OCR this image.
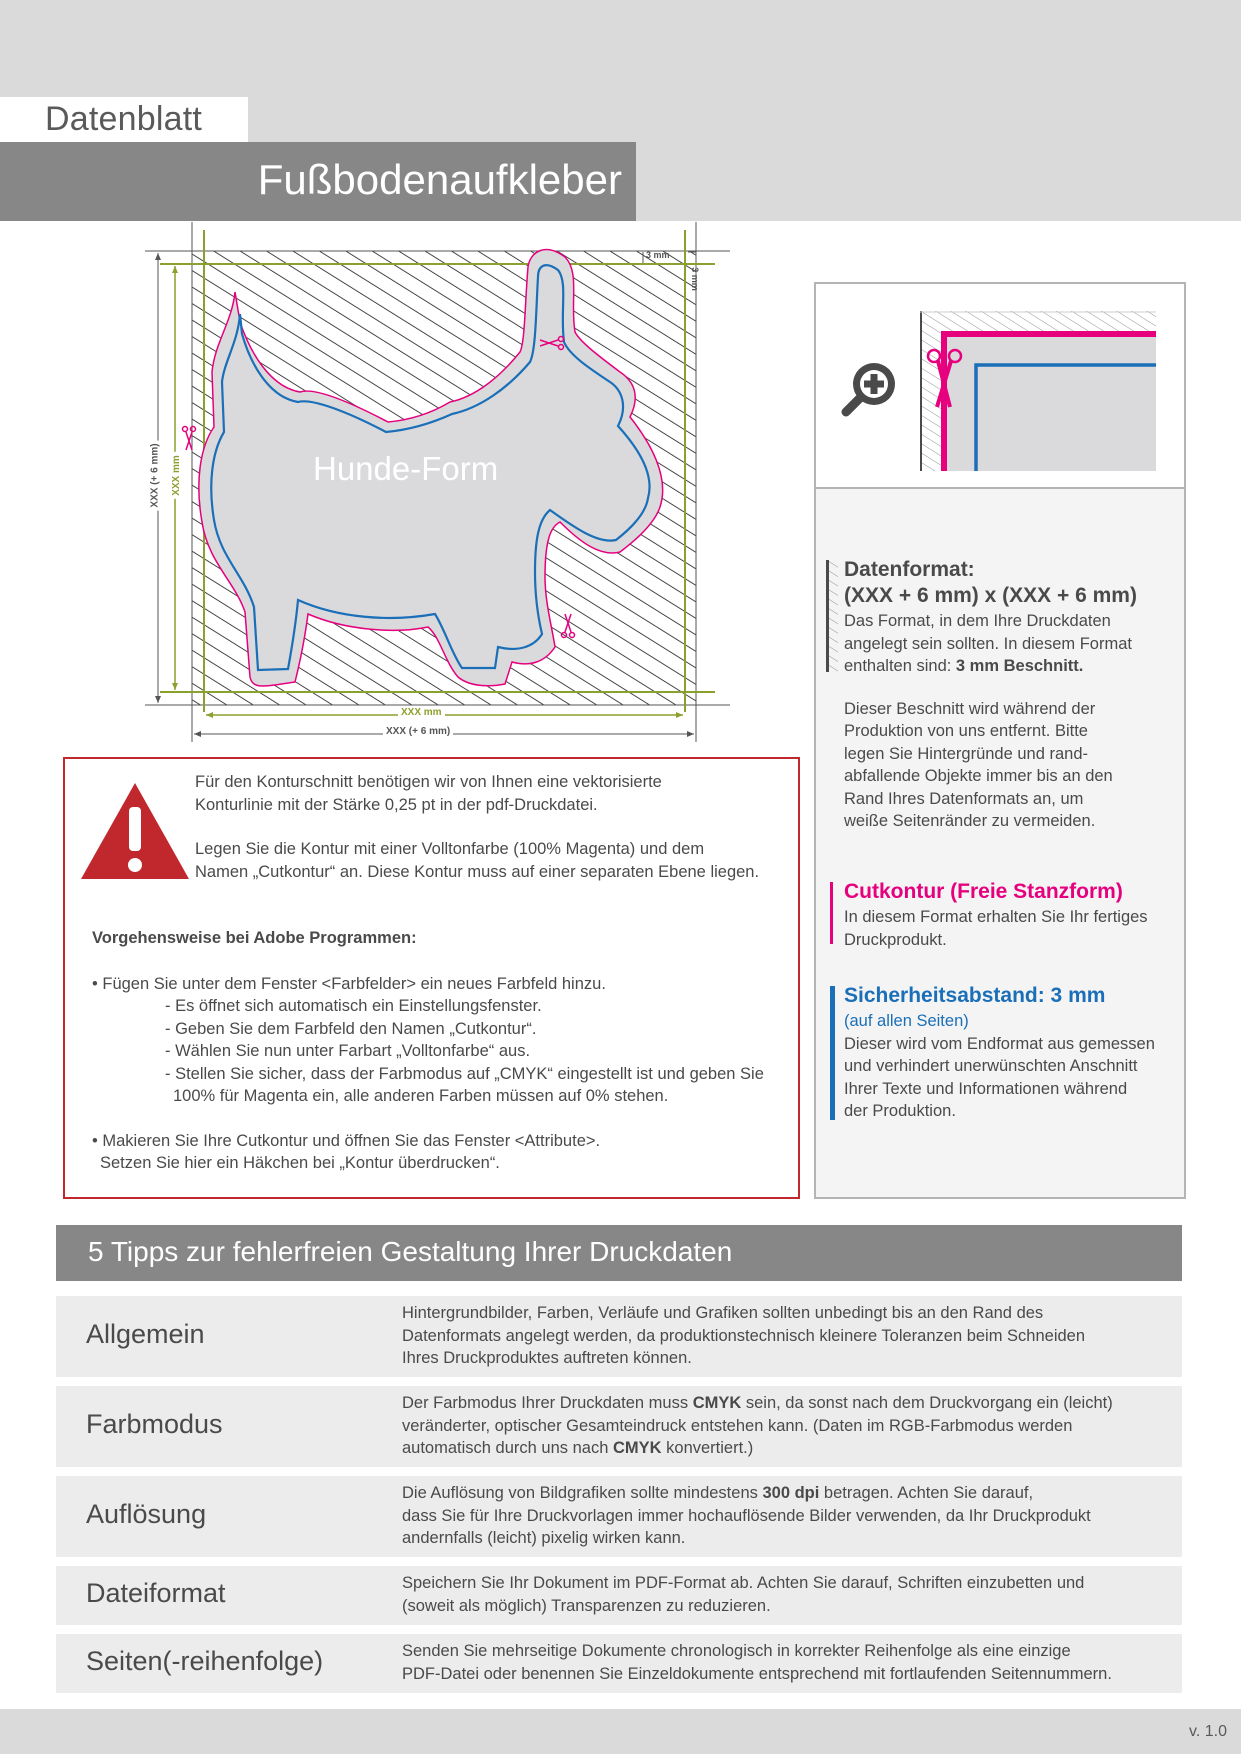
Datenblatt
Fußbodenaufkleber
XXX mm
XXX (+ 6 mm)
XXX (+ 6 mm) XXX mm
3 mm
3 mm
Hunde-Form
Für den Konturschnitt benötigen wir von Ihnen eine vektorisierte
Konturlinie mit der Stärke 0,25 pt in der pdf-Druckdatei.
Legen Sie die Kontur mit einer Volltonfarbe (100% Magenta) und dem
Namen „Cutkontur“ an. Diese Kontur muss auf einer separaten Ebene liegen.
Vorgehensweise bei Adobe Programmen:
• Fügen Sie unter dem Fenster <Farbfelder> ein neues Farbfeld hinzu.
- Es öffnet sich automatisch ein Einstellungsfenster.
- Geben Sie dem Farbfeld den Namen „Cutkontur“.
- Wählen Sie nun unter Farbart „Volltonfarbe“ aus.
- Stellen Sie sicher, dass der Farbmodus auf „CMYK“ eingestellt ist und geben Sie
100% für Magenta ein, alle anderen Farben müssen auf 0% stehen.
• Makieren Sie Ihre Cutkontur und öffnen Sie das Fenster <Attribute>.
Setzen Sie hier ein Häkchen bei „Kontur überdrucken“.
Datenformat:
(XXX + 6 mm) x (XXX + 6 mm)
Das Format, in dem Ihre Druckdaten
angelegt sein sollten. In diesem Format
enthalten sind: 3 mm Beschnitt.
Dieser Beschnitt wird während der
Produktion von uns entfernt. Bitte
legen Sie Hintergründe und rand-
abfallende Objekte immer bis an den
Rand Ihres Datenformats an, um
weiße Seitenränder zu vermeiden.
Cutkontur (Freie Stanzform)
In diesem Format erhalten Sie Ihr fertiges
Druckprodukt.
Sicherheitsabstand: 3 mm
(auf allen Seiten)
Dieser wird vom Endformat aus gemessen
und verhindert unerwünschten Anschnitt
Ihrer Texte und Informationen während
der Produktion.
5 Tipps zur fehlerfreien Gestaltung Ihrer Druckdaten
Allgemein
Hintergrundbilder, Farben, Verläufe und Grafiken sollten unbedingt bis an den Rand des
Datenformats angelegt werden, da produktionstechnisch kleinere Toleranzen beim Schneiden
Ihres Druckproduktes auftreten können.
Farbmodus
Der Farbmodus Ihrer Druckdaten muss CMYK sein, da sonst nach dem Druckvorgang ein (leicht)
veränderter, optischer Gesamteindruck entstehen kann. (Daten im RGB-Farbmodus werden
automatisch durch uns nach CMYK konvertiert.)
Auflösung
Die Auflösung von Bildgrafiken sollte mindestens 300 dpi betragen. Achten Sie darauf,
dass Sie für Ihre Druckvorlagen immer hochauflösende Bilder verwenden, da Ihr Druckprodukt
andernfalls (leicht) pixelig wirken kann.
Dateiformat	Speichern Sie Ihr Dokument im PDF-Format ab. Achten Sie darauf, Schriften einzubetten und
(soweit als möglich) Transparenzen zu reduzieren.
Seiten(-reihenfolge)	Senden Sie mehrseitige Dokumente chronologisch in korrekter Reihenfolge als eine einzige
PDF-Datei oder benennen Sie Einzeldokumente entsprechend mit fortlaufenden Seitennummern.
v. 1.0
